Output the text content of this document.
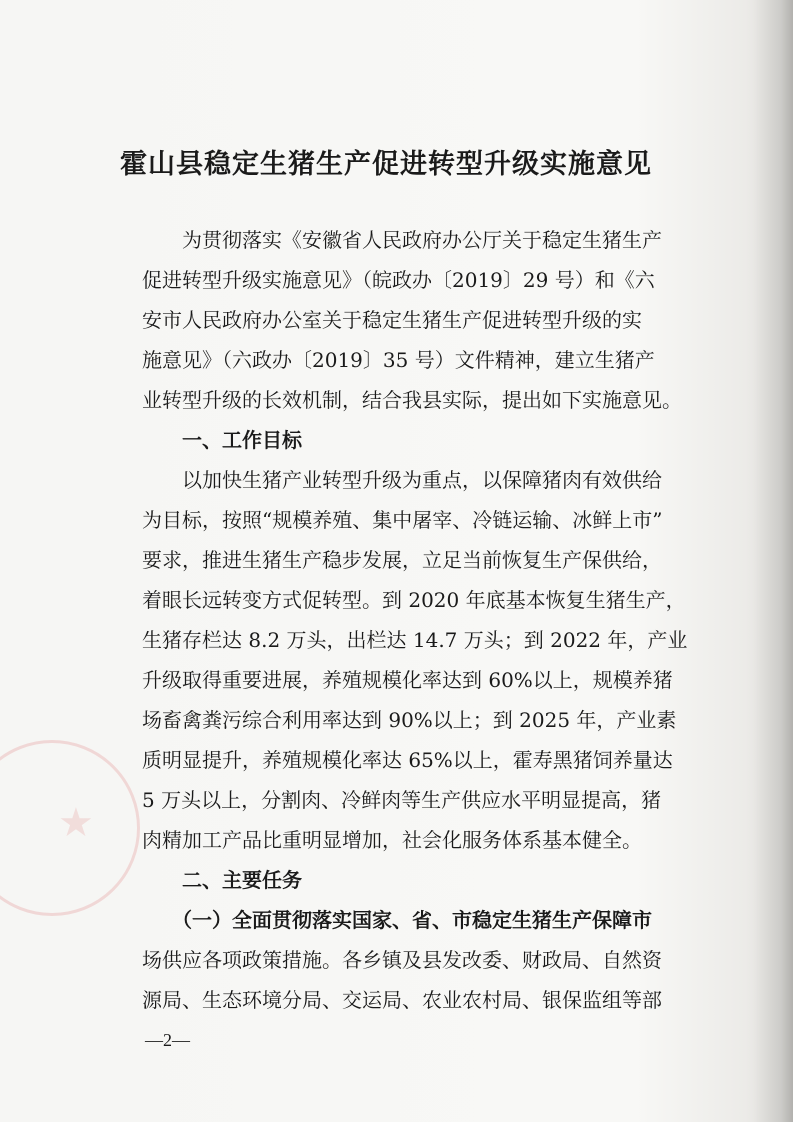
★
霍山县稳定生猪生产促进转型升级实施意见
　　为贯彻落实《安徽省人民政府办公厅关于稳定生猪生产
促进转型升级实施意见》（皖政办〔2019〕29 号）和《六
安市人民政府办公室关于稳定生猪生产促进转型升级的实
施意见》（六政办〔2019〕35 号）文件精神，建立生猪产
业转型升级的长效机制，结合我县实际，提出如下实施意见。
　　一、工作目标
　　以加快生猪产业转型升级为重点，以保障猪肉有效供给
为目标，按照“规模养殖、集中屠宰、冷链运输、冰鲜上市”
要求，推进生猪生产稳步发展，立足当前恢复生产保供给，
着眼长远转变方式促转型。到 2020 年底基本恢复生猪生产，
生猪存栏达 8.2 万头，出栏达 14.7 万头；到 2022 年，产业
升级取得重要进展，养殖规模化率达到 60%以上，规模养猪
场畜禽粪污综合利用率达到 90%以上；到 2025 年，产业素
质明显提升，养殖规模化率达 65%以上，霍寿黑猪饲养量达
5 万头以上，分割肉、冷鲜肉等生产供应水平明显提高，猪
肉精加工产品比重明显增加，社会化服务体系基本健全。
　　二、主要任务
　　（一）全面贯彻落实国家、省、市稳定生猪生产保障市
场供应各项政策措施。各乡镇及县发改委、财政局、自然资
源局、生态环境分局、交运局、农业农村局、银保监组等部
—2—
